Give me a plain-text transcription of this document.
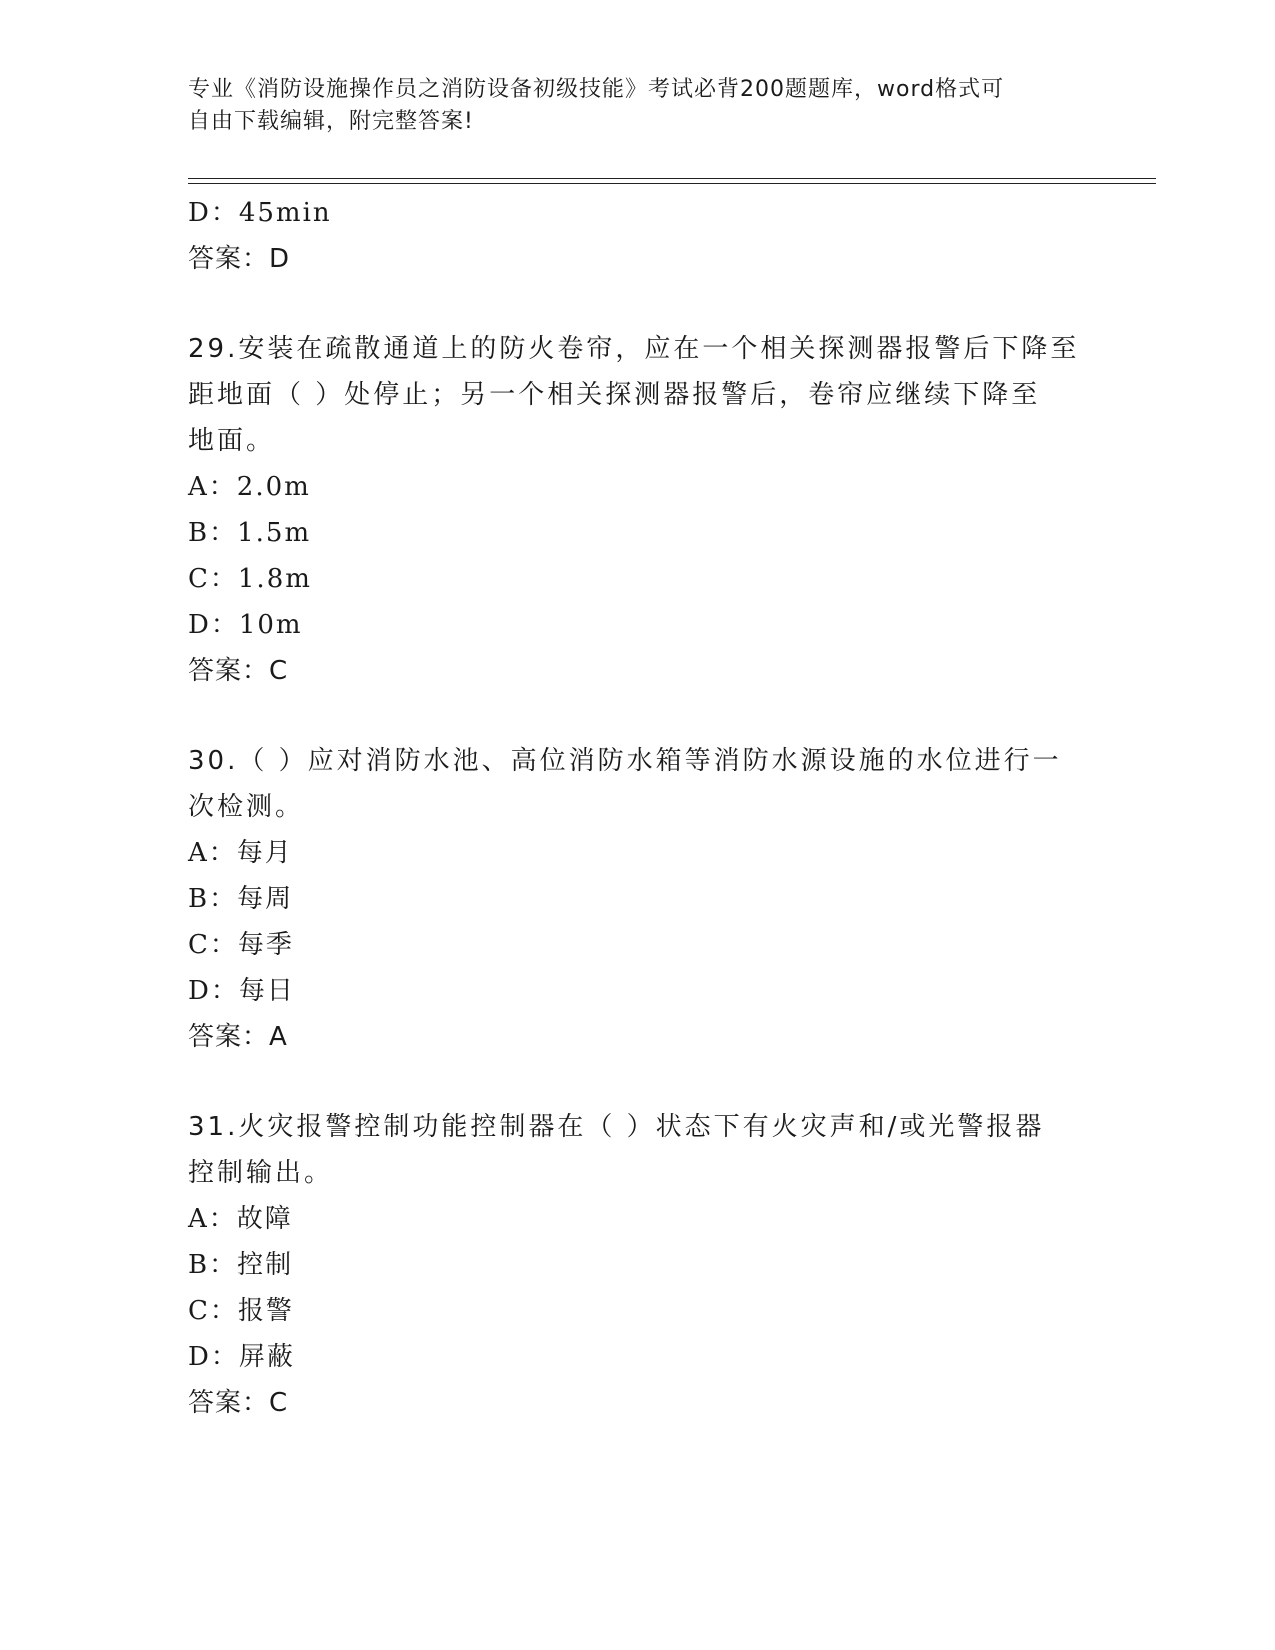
专业《消防设施操作员之消防设备初级技能》考试必背200题题库，word格式可
自由下载编辑，附完整答案!
D：45min
答案：D
29.安装在疏散通道上的防火卷帘，应在一个相关探测器报警后下降至
距地面（ ）处停止；另一个相关探测器报警后，卷帘应继续下降至
地面。
A：2.0m
B：1.5m
C：1.8m
D：10m
答案：C
30.（ ）应对消防水池、高位消防水箱等消防水源设施的水位进行一
次检测。
A：每月
B：每周
C：每季
D：每日
答案：A
31.火灾报警控制功能控制器在（ ）状态下有火灾声和/或光警报器
控制输出。
A：故障
B：控制
C：报警
D：屏蔽
答案：C
